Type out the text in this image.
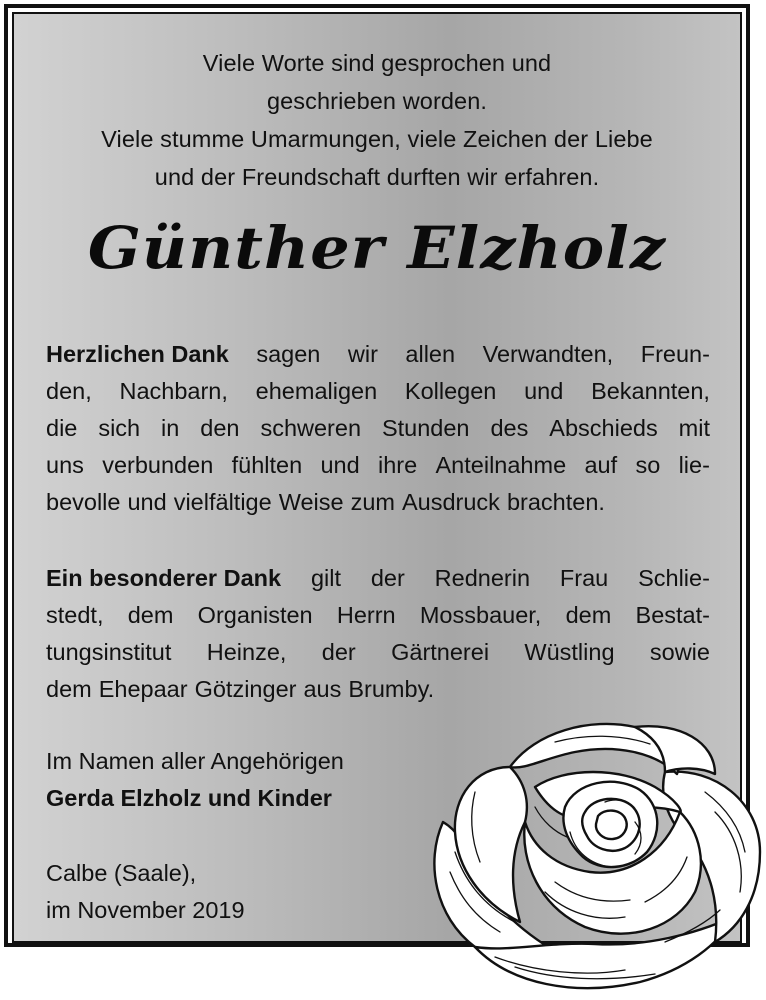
Viele Worte sind gesprochen und
geschrieben worden.
Viele stumme Umarmungen, viele Zeichen der Liebe
und der Freundschaft durften wir erfahren.
Günther Elzholz
Herzlichen Dank sagen wir allen Verwandten, Freun-
den, Nachbarn, ehemaligen Kollegen und Bekannten,
die sich in den schweren Stunden des Abschieds mit
uns verbunden fühlten und ihre Anteilnahme auf so lie-
bevolle und vielfältige Weise zum Ausdruck brachten.
Ein besonderer Dank gilt der Rednerin Frau Schlie-
stedt, dem Organisten Herrn Mossbauer, dem Bestat-
tungsinstitut Heinze, der Gärtnerei Wüstling sowie
dem Ehepaar Götzinger aus Brumby.
Im Namen aller Angehörigen
Gerda Elzholz und Kinder
Calbe (Saale),
im November 2019
